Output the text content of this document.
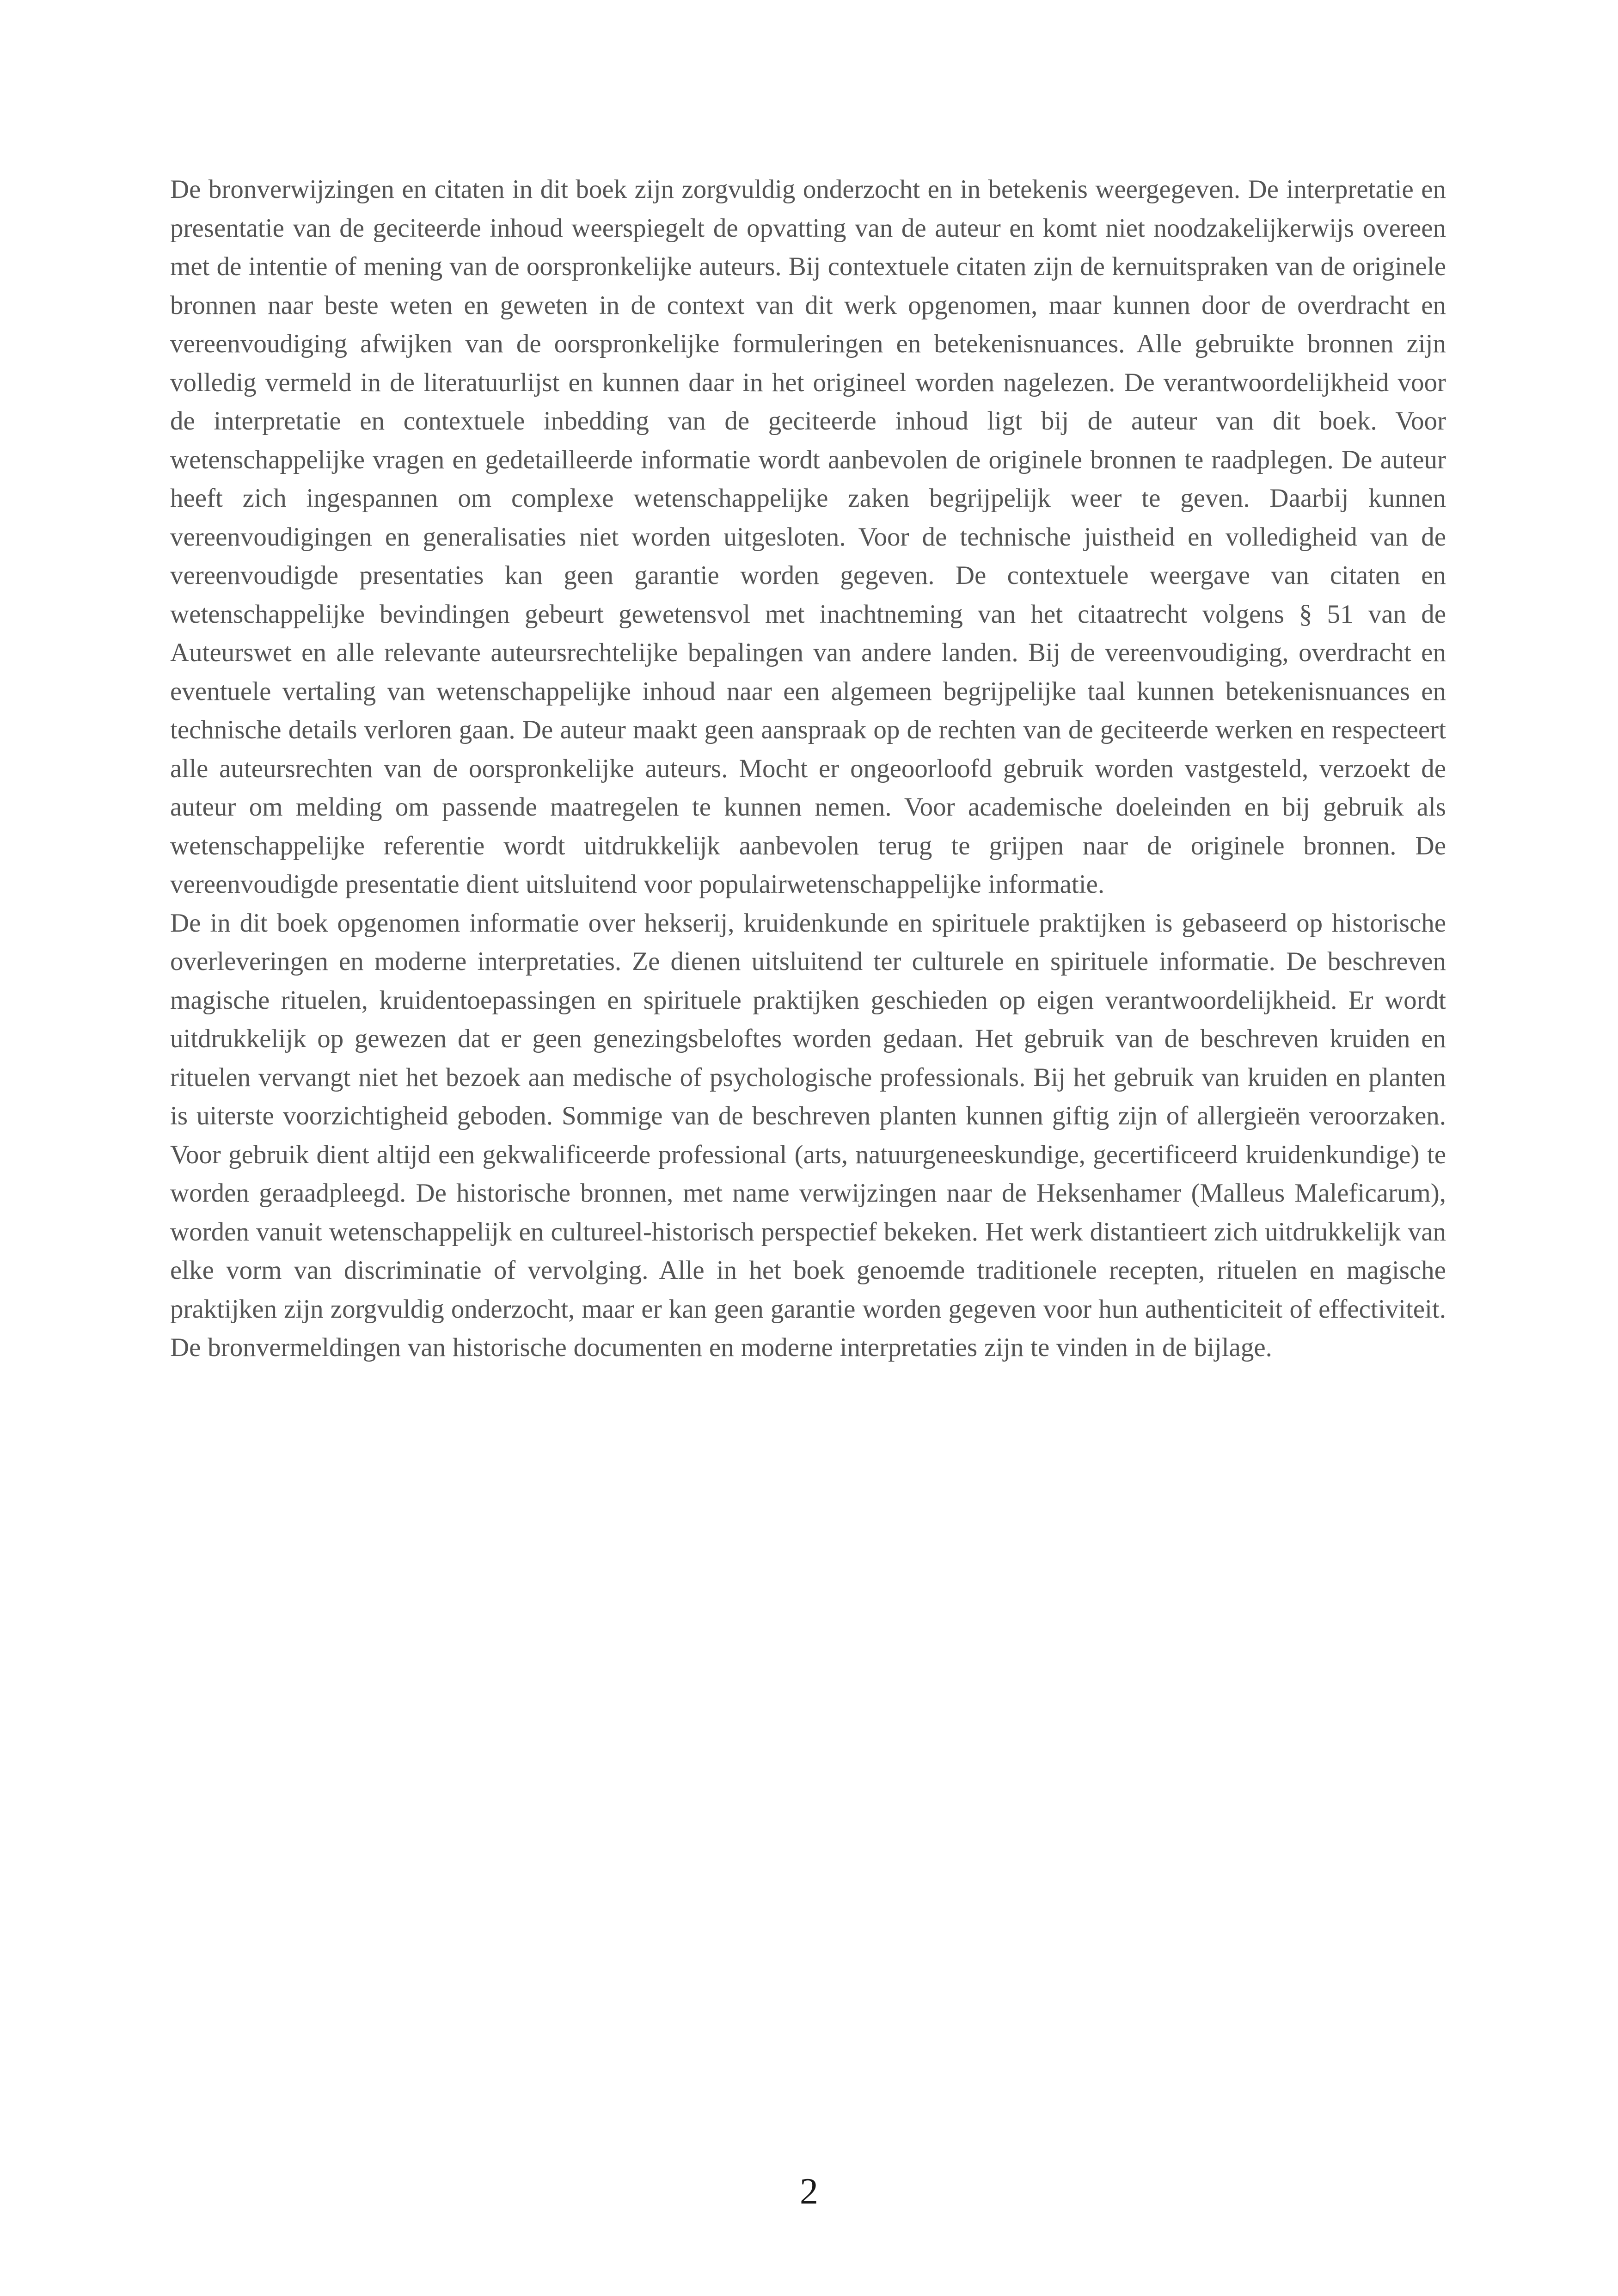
De bronverwijzingen en citaten in dit boek zijn zorgvuldig onderzocht en in betekenis weergegeven. De interpretatie en presentatie van de geciteerde inhoud weerspiegelt de opvatting van de auteur en komt niet noodzakelijkerwijs overeen met de intentie of mening van de oorspronkelijke auteurs. Bij contextuele citaten zijn de kernuitspraken van de originele bronnen naar beste weten en geweten in de context van dit werk opgenomen, maar kunnen door de overdracht en vereenvoudiging afwijken van de oorspronkelijke formuleringen en betekenisnuances. Alle gebruikte bronnen zijn volledig vermeld in de literatuurlijst en kunnen daar in het origineel worden nagelezen. De verantwoordelijkheid voor de interpretatie en contextuele inbedding van de geciteerde inhoud ligt bij de auteur van dit boek. Voor wetenschappelijke vragen en gedetailleerde informatie wordt aanbevolen de originele bronnen te raadplegen. De auteur heeft zich ingespannen om complexe wetenschappelijke zaken begrijpelijk weer te geven. Daarbij kunnen vereenvoudigingen en generalisaties niet worden uitgesloten. Voor de technische juistheid en volledigheid van de vereenvoudigde presentaties kan geen garantie worden gegeven. De contextuele weergave van citaten en wetenschappelijke bevindingen gebeurt gewetensvol met inachtneming van het citaatrecht volgens § 51 van de Auteurswet en alle relevante auteursrechtelijke bepalingen van andere landen. Bij de vereenvoudiging, overdracht en eventuele vertaling van wetenschappelijke inhoud naar een algemeen begrijpelijke taal kunnen betekenisnuances en technische details verloren gaan. De auteur maakt geen aanspraak op de rechten van de geciteerde werken en respecteert alle auteursrechten van de oorspronkelijke auteurs. Mocht er ongeoorloofd gebruik worden vastgesteld, verzoekt de auteur om melding om passende maatregelen te kunnen nemen. Voor academische doeleinden en bij gebruik als wetenschappelijke referentie wordt uitdrukkelijk aanbevolen terug te grijpen naar de originele bronnen. De vereenvoudigde presentatie dient uitsluitend voor populairwetenschappelijke informatie.

De in dit boek opgenomen informatie over hekserij, kruidenkunde en spirituele praktijken is gebaseerd op historische overleveringen en moderne interpretaties. Ze dienen uitsluitend ter culturele en spirituele informatie. De beschreven magische rituelen, kruidentoepassingen en spirituele praktijken geschieden op eigen verantwoordelijkheid. Er wordt uitdrukkelijk op gewezen dat er geen genezingsbeloftes worden gedaan. Het gebruik van de beschreven kruiden en rituelen vervangt niet het bezoek aan medische of psychologische professionals. Bij het gebruik van kruiden en planten is uiterste voorzichtigheid geboden. Sommige van de beschreven planten kunnen giftig zijn of allergieën veroorzaken. Voor gebruik dient altijd een gekwalificeerde professional (arts, natuurgeneeskundige, gecertificeerd kruidenkundige) te worden geraadpleegd. De historische bronnen, met name verwijzingen naar de Heksenhamer (Malleus Maleficarum), worden vanuit wetenschappelijk en cultureel-historisch perspectief bekeken. Het werk distantieert zich uitdrukkelijk van elke vorm van discriminatie of vervolging. Alle in het boek genoemde traditionele recepten, rituelen en magische praktijken zijn zorgvuldig onderzocht, maar er kan geen garantie worden gegeven voor hun authenticiteit of effectiviteit. De bronvermeldingen van historische documenten en moderne interpretaties zijn te vinden in de bijlage.

2
